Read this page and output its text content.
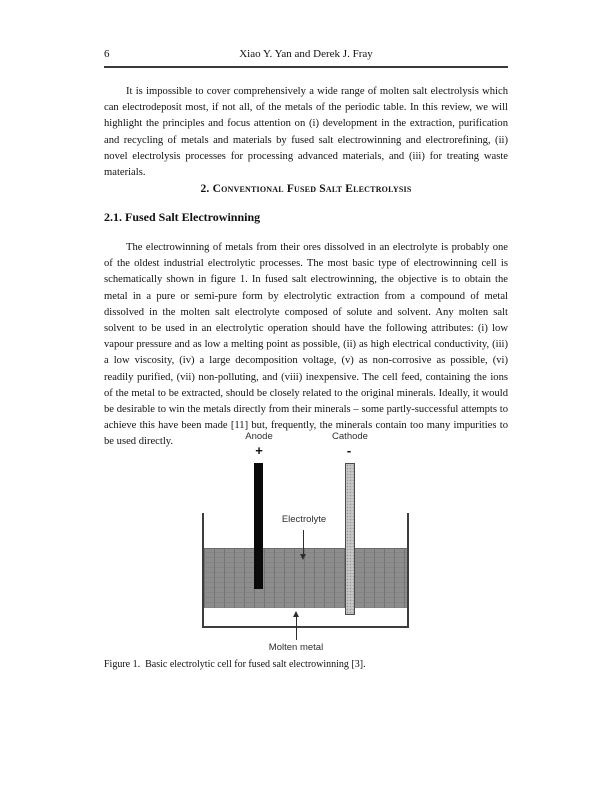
6	Xiao Y. Yan and Derek J. Fray

It is impossible to cover comprehensively a wide range of molten salt electrolysis which can electrodeposit most, if not all, of the metals of the periodic table. In this review, we will highlight the principles and focus attention on (i) development in the extraction, purification and recycling of metals and materials by fused salt electrowinning and electrorefining, (ii) novel electrolysis processes for processing advanced materials, and (iii) for treating waste materials.

2. Conventional Fused Salt Electrolysis
2.1. Fused Salt Electrowinning

The electrowinning of metals from their ores dissolved in an electrolyte is probably one of the oldest industrial electrolytic processes. The most basic type of electrowinning cell is schematically shown in figure 1. In fused salt electrowinning, the objective is to obtain the metal in a pure or semi-pure form by electrolytic extraction from a compound of metal dissolved in the molten salt electrolyte composed of solute and solvent. Any molten salt solvent to be used in an electrolytic operation should have the following attributes: (i) low vapour pressure and as low a melting point as possible, (ii) as high electrical conductivity, (iii) a low viscosity, (iv) a large decomposition voltage, (v) as non-corrosive as possible, (vi) readily purified, (vii) non-polluting, and (viii) inexpensive. The cell feed, containing the ions of the metal to be extracted, should be closely related to the original minerals. Ideally, it would be desirable to win the metals directly from their minerals – some partly-successful attempts to achieve this have been made [11] but, frequently, the minerals contain too many impurities to be used directly.	Anode	Cathode
+	-
Electrolyte
Molten metal

Figure 1.  Basic electrolytic cell for fused salt electrowinning [3].
